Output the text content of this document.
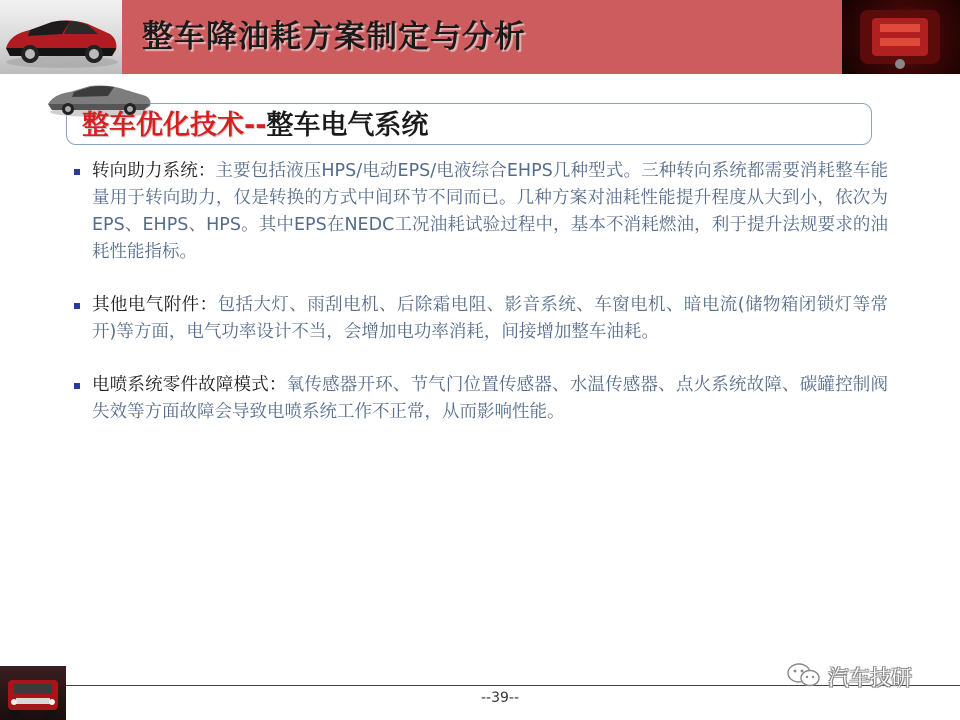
整车降油耗方案制定与分析
整车优化技术--整车电气系统
转向助力系统：主要包括液压HPS/电动EPS/电液综合EHPS几种型式。三种转向系统都需要消耗整车能量用于转向助力，仅是转换的方式中间环节不同而已。几种方案对油耗性能提升程度从大到小，依次为EPS、EHPS、HPS。其中EPS在NEDC工况油耗试验过程中，基本不消耗燃油，利于提升法规要求的油耗性能指标。
其他电气附件：包括大灯、雨刮电机、后除霜电阻、影音系统、车窗电机、暗电流(储物箱闭锁灯等常开)等方面，电气功率设计不当，会增加电功率消耗，间接增加整车油耗。
电喷系统零件故障模式：氧传感器开环、节气门位置传感器、水温传感器、点火系统故障、碳罐控制阀失效等方面故障会导致电喷系统工作不正常，从而影响性能。
汽车技研
--39--
